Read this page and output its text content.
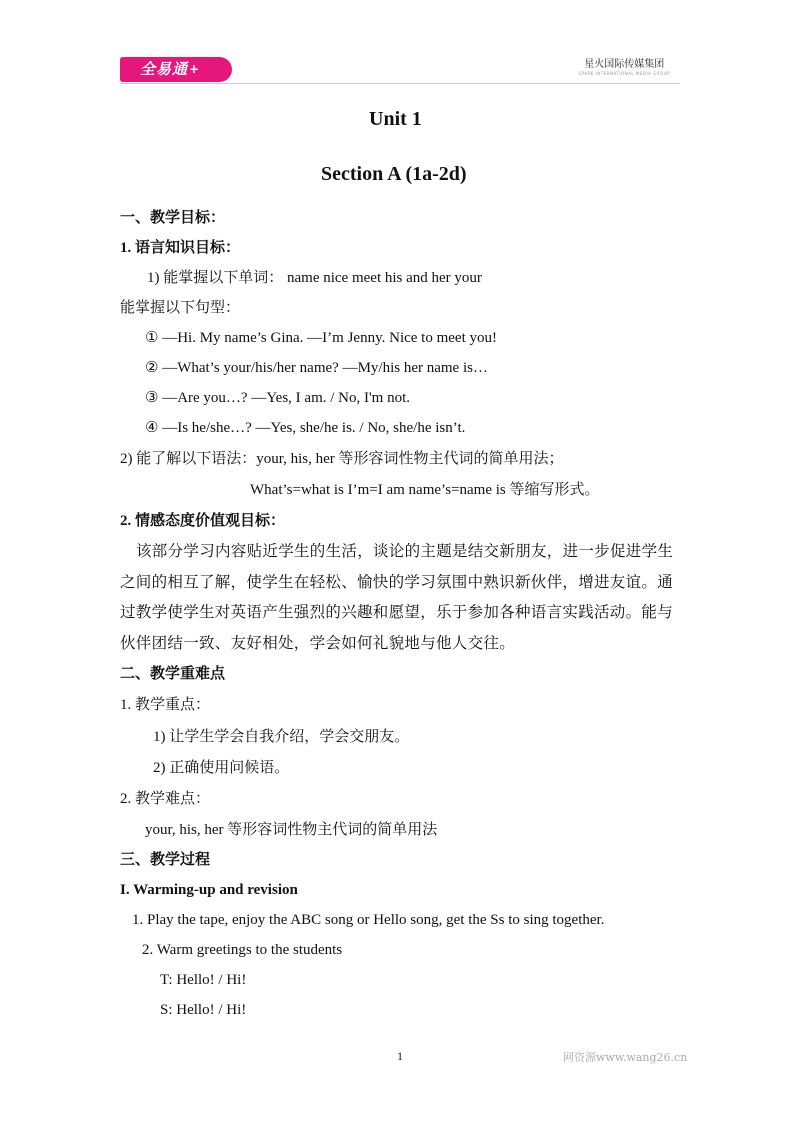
全易通+	星火国际传媒集团
SPARK INTERNATIONAL MEDIA GROUP
Unit 1
Section A (1a-2d)
一、教学目标：
1. 语言知识目标：
1) 能掌握以下单词： name nice meet his and her your
能掌握以下句型：
① —Hi. My name’s Gina. —I’m Jenny. Nice to meet you!
② —What’s your/his/her name? —My/his her name is…
③ —Are you…? —Yes, I am. / No, I'm not.
④ —Is he/she…? —Yes, she/he is. / No, she/he isn’t.
2) 能了解以下语法：your, his, her 等形容词性物主代词的简单用法；
What’s=what is I’m=I am name’s=name is 等缩写形式。
2. 情感态度价值观目标：
该部分学习内容贴近学生的生活，谈论的主题是结交新朋友，进一步促进学生之间的相互了解，使学生在轻松、愉快的学习氛围中熟识新伙伴，增进友谊。通过教学使学生对英语产生强烈的兴趣和愿望，乐于参加各种语言实践活动。能与伙伴团结一致、友好相处，学会如何礼貌地与他人交往。
二、教学重难点
1. 教学重点：
1) 让学生学会自我介绍，学会交朋友。
2) 正确使用问候语。
2. 教学难点：
your, his, her 等形容词性物主代词的简单用法
三、教学过程
I. Warming-up and revision
1. Play the tape, enjoy the ABC song or Hello song, get the Ss to sing together.
2. Warm greetings to the students
T: Hello! / Hi!
S: Hello! / Hi!
1	网资源www.wang26.cn
